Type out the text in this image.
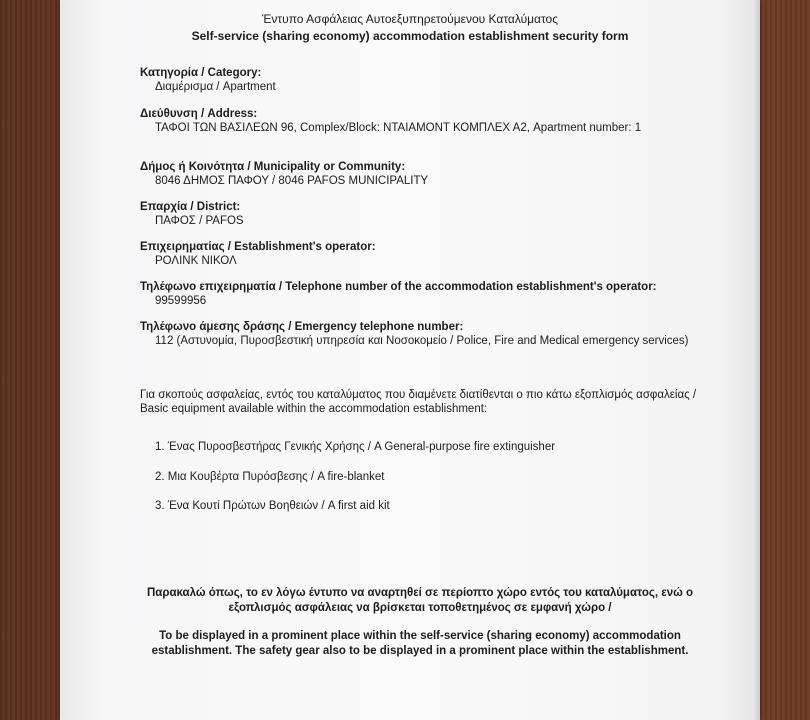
Έντυπο Ασφάλειας Αυτοεξυπηρετούμενου Καταλύματος
Self-service (sharing economy) accommodation establishment security form
Κατηγορία / Category:
Διαμέρισμα / Apartment
Διεύθυνση / Address:
ΤΑΦΟΙ ΤΩΝ ΒΑΣΙΛΕΩΝ 96, Complex/Block: ΝΤΑΙΑΜΟΝΤ ΚΟΜΠΛΕΧ Α2, Apartment number: 1
Δήμος ή Κοινότητα / Municipality or Community:
8046 ΔΗΜΟΣ ΠΑΦΟΥ / 8046 PAFOS MUNICIPALITY
Επαρχία / District:
ΠΑΦΟΣ / PAFOS
Επιχειρηματίας / Establishment's operator:
ΡΟΛΙΝΚ ΝΙΚΟΛ
Τηλέφωνο επιχειρηματία / Telephone number of the accommodation establishment's operator:
99599956
Τηλέφωνο άμεσης δράσης / Emergency telephone number:
112 (Αστυνομία, Πυροσβεστική υπηρεσία και Νοσοκομείο / Police, Fire and Medical emergency services)
Για σκοπούς ασφαλείας, εντός του καταλύματος που διαμένετε διατίθενται ο πιο κάτω εξοπλισμός ασφαλείας / Basic equipment available within the accommodation establishment:
1. Ένας Πυροσβεστήρας Γενικής Χρήσης / A General-purpose fire extinguisher
2. Μια Κουβέρτα Πυρόσβεσης / A fire-blanket
3. Ένα Κουτί Πρώτων Βοηθειών / A first aid kit
Παρακαλώ όπως, το εν λόγω έντυπο να αναρτηθεί σε περίοπτο χώρο εντός του καταλύματος, ενώ ο εξοπλισμός ασφάλειας να βρίσκεται τοποθετημένος σε εμφανή χώρο /
To be displayed in a prominent place within the self-service (sharing economy) accommodation establishment. The safety gear also to be displayed in a prominent place within the establishment.
